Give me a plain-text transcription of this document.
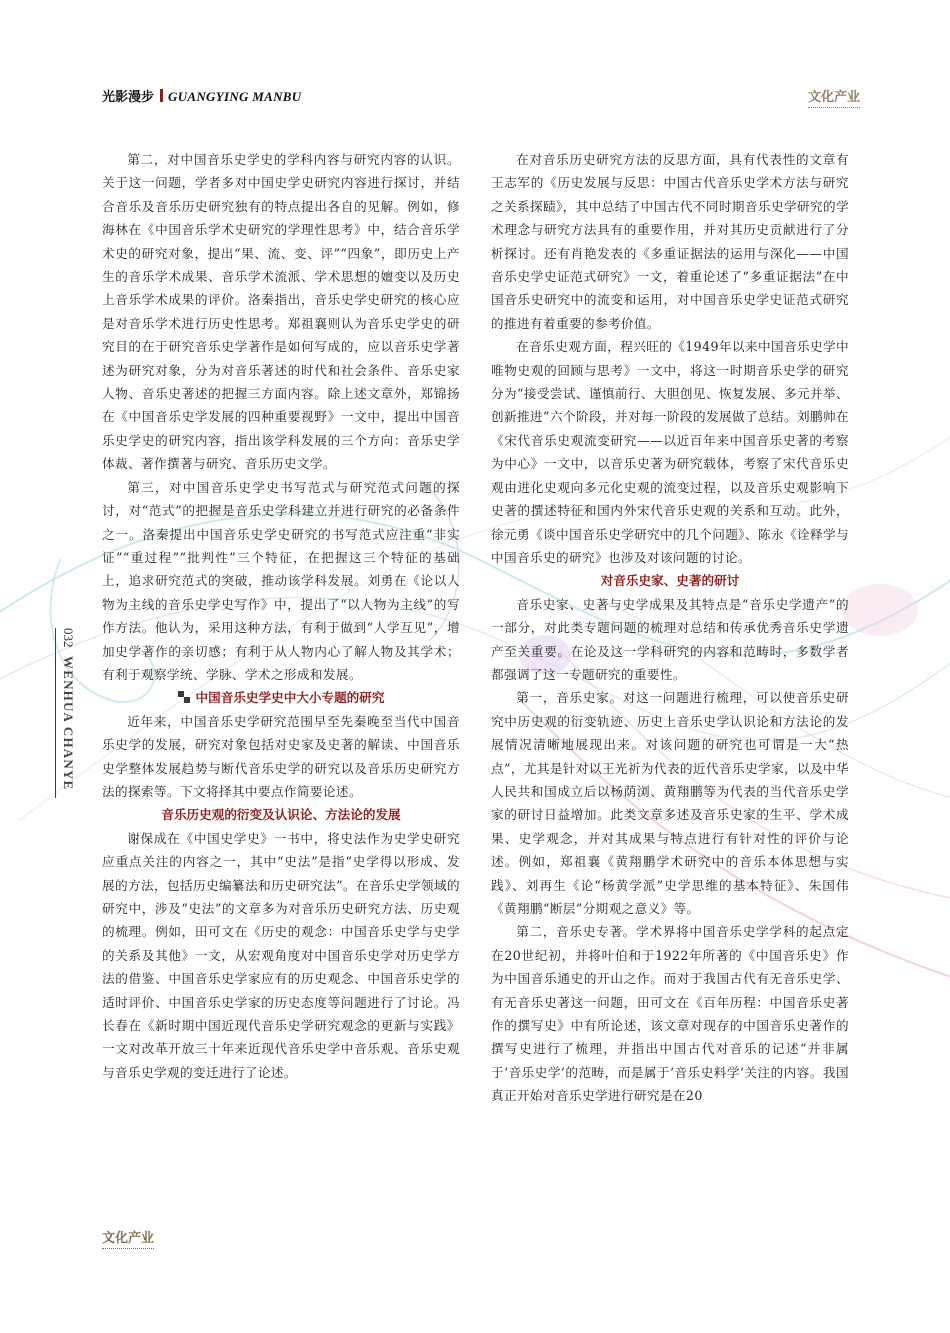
光影漫步 GUANGYING MANBU	文化产业
032
WENHUA CHANYE

第二，对中国音乐史学史的学科内容与研究内容的认识。关于这一问题，学者多对中国史学史研究内容进行探讨，并结合音乐及音乐历史研究独有的特点提出各自的见解。例如，修海林在《中国音乐学术史研究的学理性思考》中，结合音乐学术史的研究对象，提出“果、流、变、评”“四象”，即历史上产生的音乐学术成果、音乐学术流派、学术思想的嬗变以及历史上音乐学术成果的评价。洛秦指出，音乐史学史研究的核心应是对音乐学术进行历史性思考。郑祖襄则认为音乐史学史的研究目的在于研究音乐史学著作是如何写成的，应以音乐史学著述为研究对象，分为对音乐著述的时代和社会条件、音乐史家人物、音乐史著述的把握三方面内容。除上述文章外，郑锦扬在《中国音乐史学发展的四种重要视野》一文中，提出中国音乐史学史的研究内容，指出该学科发展的三个方向：音乐史学体裁、著作撰著与研究、音乐历史文学。

第三，对中国音乐史学史书写范式与研究范式问题的探讨，对“范式”的把握是音乐史学科建立并进行研究的必备条件之一。洛秦提出中国音乐史学史研究的书写范式应注重“非实证”“重过程”“批判性”三个特征，在把握这三个特征的基础上，追求研究范式的突破，推动该学科发展。刘勇在《论以人物为主线的音乐史学史写作》中，提出了“以人物为主线”的写作方法。他认为，采用这种方法，有利于做到“人学互见”，增加史学著作的亲切感；有利于从人物内心了解人物及其学术；有利于观察学统、学脉、学术之形成和发展。

中国音乐史学史中大小专题的研究

近年来，中国音乐史学研究范围早至先秦晚至当代中国音乐史学的发展，研究对象包括对史家及史著的解读、中国音乐史学整体发展趋势与断代音乐史学的研究以及音乐历史研究方法的探索等。下文将择其中要点作简要论述。

音乐历史观的衍变及认识论、方法论的发展

谢保成在《中国史学史》一书中，将史法作为史学史研究应重点关注的内容之一，其中“史法”是指“史学得以形成、发展的方法，包括历史编纂法和历史研究法”。在音乐史学领域的研究中，涉及“史法”的文章多为对音乐历史研究方法、历史观的梳理。例如，田可文在《历史的观念：中国音乐史学与史学的关系及其他》一文，从宏观角度对中国音乐史学对历史学方法的借鉴、中国音乐史学家应有的历史观念、中国音乐史学的适时评价、中国音乐史学家的历史态度等问题进行了讨论。冯长春在《新时期中国近现代音乐史学研究观念的更新与实践》一文对改革开放三十年来近现代音乐史学中音乐观、音乐史观与音乐史学观的变迁进行了论述。

在对音乐历史研究方法的反思方面，具有代表性的文章有王志军的《历史发展与反思：中国古代音乐史学术方法与研究之关系探赜》，其中总结了中国古代不同时期音乐史学研究的学术理念与研究方法具有的重要作用，并对其历史贡献进行了分析探讨。还有肖艳发表的《多重证据法的运用与深化——中国音乐史学史证范式研究》一文，着重论述了“多重证据法”在中国音乐史研究中的流变和运用，对中国音乐史学史证范式研究的推进有着重要的参考价值。

在音乐史观方面，程兴旺的《1949年以来中国音乐史学中唯物史观的回顾与思考》一文中，将这一时期音乐史学的研究分为“接受尝试、谨慎前行、大胆创见、恢复发展、多元并举、创新推进”六个阶段，并对每一阶段的发展做了总结。刘鹏帅在《宋代音乐史观流变研究——以近百年来中国音乐史著的考察为中心》一文中，以音乐史著为研究载体，考察了宋代音乐史观由进化史观向多元化史观的流变过程，以及音乐史观影响下史著的撰述特征和国内外宋代音乐史观的关系和互动。此外，徐元勇《谈中国音乐史学研究中的几个问题》、陈永《诠释学与中国音乐史的研究》也涉及对该问题的讨论。

对音乐史家、史著的研讨

音乐史家、史著与史学成果及其特点是“音乐史学遗产”的一部分，对此类专题问题的梳理对总结和传承优秀音乐史学遗产至关重要。在论及这一学科研究的内容和范畴时，多数学者都强调了这一专题研究的重要性。

第一，音乐史家。对这一问题进行梳理，可以使音乐史研究中历史观的衍变轨迹、历史上音乐史学认识论和方法论的发展情况清晰地展现出来。对该问题的研究也可谓是一大“热点”，尤其是针对以王光祈为代表的近代音乐史学家，以及中华人民共和国成立后以杨荫浏、黄翔鹏等为代表的当代音乐史学家的研讨日益增加。此类文章多述及音乐史家的生平、学术成果、史学观念，并对其成果与特点进行有针对性的评价与论述。例如，郑祖襄《黄翔鹏学术研究中的音乐本体思想与实践》、刘再生《论“杨黄学派”史学思维的基本特征》、朱国伟《黄翔鹏“断层”分期观之意义》等。

第二，音乐史专著。学术界将中国音乐史学学科的起点定在20世纪初，并将叶伯和于1922年所著的《中国音乐史》作为中国音乐通史的开山之作。而对于我国古代有无音乐史学、有无音乐史著这一问题，田可文在《百年历程：中国音乐史著作的撰写史》中有所论述，该文章对现存的中国音乐史著作的撰写史进行了梳理，并指出中国古代对音乐的记述“并非属于‘音乐史学’的范畴，而是属于‘音乐史料学’关注的内容。我国真正开始对音乐史学进行研究是在20

文化产业
